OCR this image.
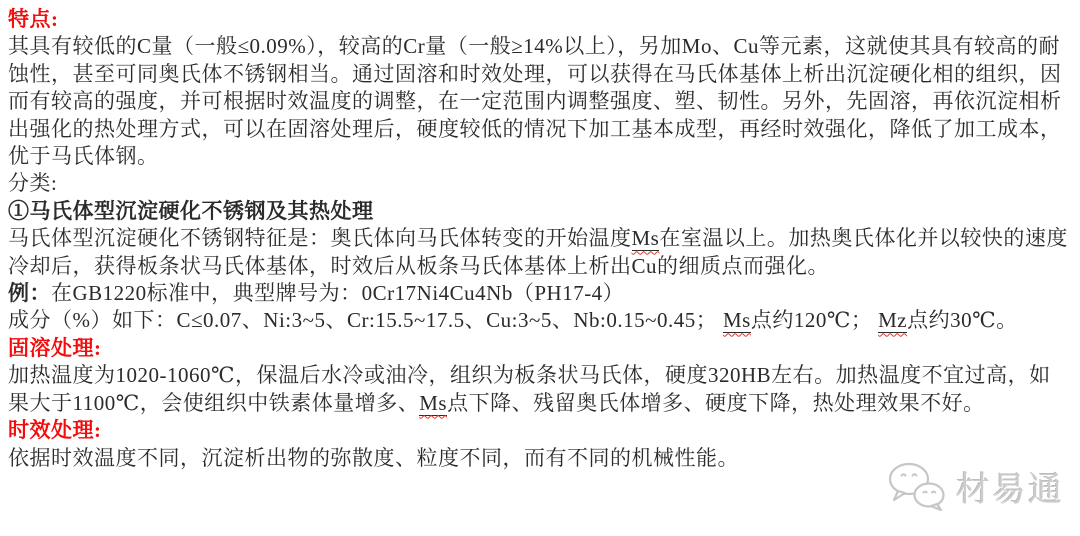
特点:
其具有较低的C量（一般≤0.09%），较高的Cr量（一般≥14%以上），另加Mo、Cu等元素，这就使其具有较高的耐蚀性，甚至可同奥氏体不锈钢相当。通过固溶和时效处理，可以获得在马氏体基体上析出沉淀硬化相的组织，因而有较高的强度，并可根据时效温度的调整，在一定范围内调整强度、塑、韧性。另外，先固溶，再依沉淀相析出强化的热处理方式，可以在固溶处理后，硬度较低的情况下加工基本成型，再经时效强化，降低了加工成本，优于马氏体钢。
分类:
①马氏体型沉淀硬化不锈钢及其热处理
马氏体型沉淀硬化不锈钢特征是：奥氏体向马氏体转变的开始温度Ms在室温以上。加热奥氏体化并以较快的速度冷却后，获得板条状马氏体基体，时效后从板条马氏体基体上析出Cu的细质点而强化。
例：在GB1220标准中，典型牌号为：0Cr17Ni4Cu4Nb（PH17-4）
成分（%）如下：C≤0.07、Ni:3~5、Cr:15.5~17.5、Cu:3~5、Nb:0.15~0.45； Ms点约120℃； Mz点约30℃。
固溶处理:
加热温度为1020-1060℃，保温后水冷或油冷，组织为板条状马氏体，硬度320HB左右。加热温度不宜过高，如果大于1100℃，会使组织中铁素体量增多、Ms点下降、残留奥氏体增多、硬度下降，热处理效果不好。
时效处理:
依据时效温度不同，沉淀析出物的弥散度、粒度不同，而有不同的机械性能。
材易通
